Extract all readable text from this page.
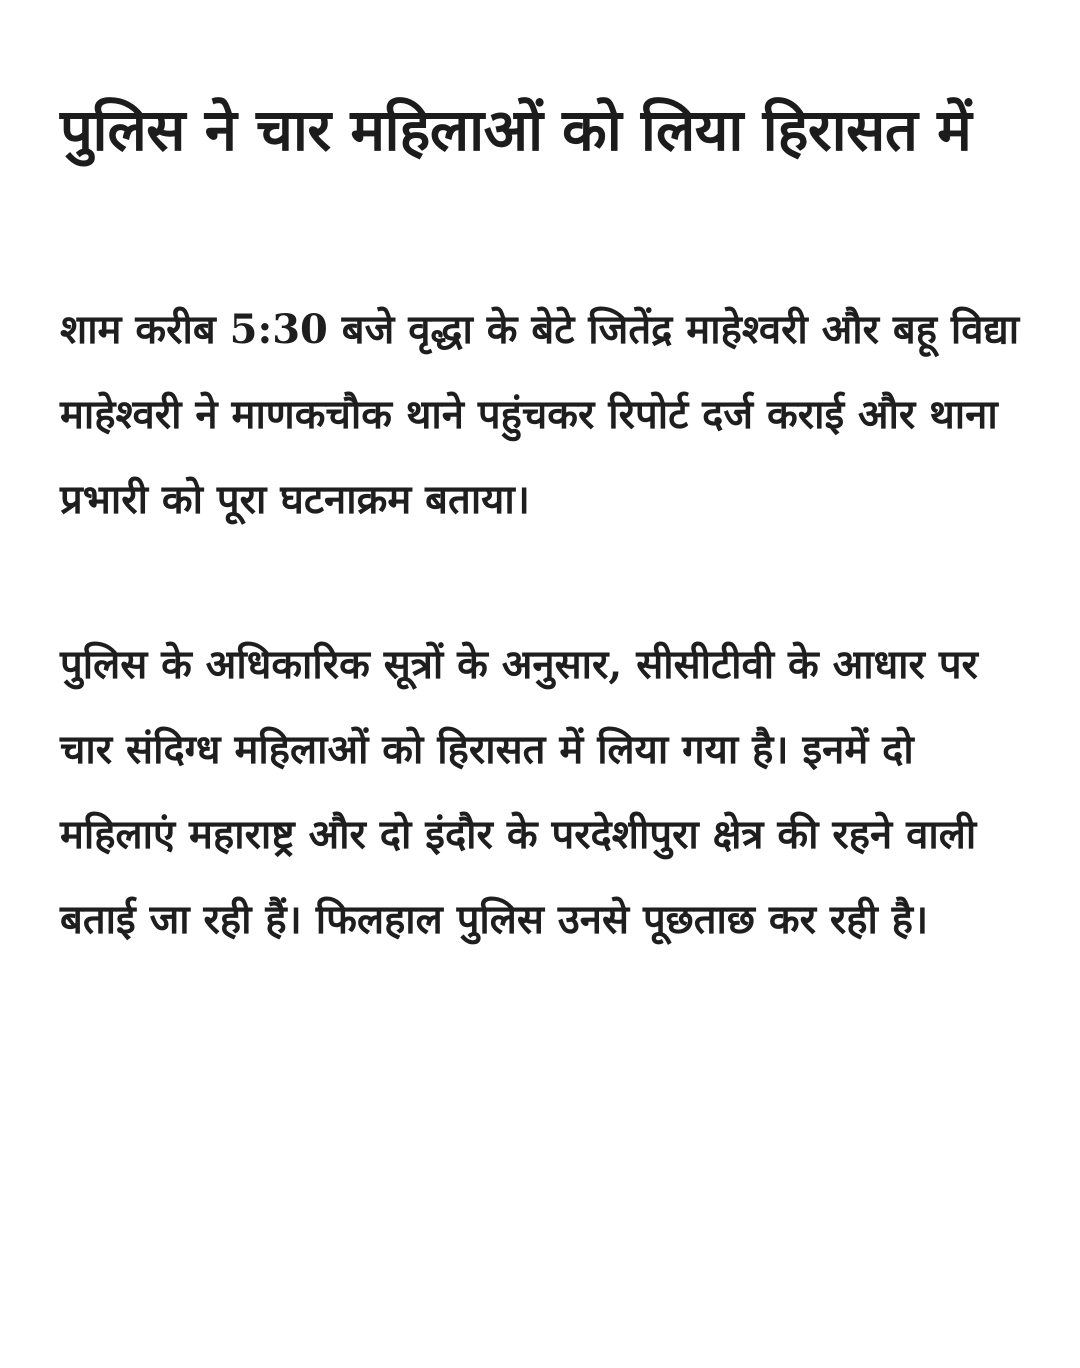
पुलिस ने चार महिलाओं को लिया हिरासत में

शाम करीब 5:30 बजे वृद्धा के बेटे जितेंद्र माहेश्वरी और बहू विद्या माहेश्वरी ने माणकचौक थाने पहुंचकर रिपोर्ट दर्ज कराई और थाना प्रभारी को पूरा घटनाक्रम बताया।

पुलिस के अधिकारिक सूत्रों के अनुसार, सीसीटीवी के आधार पर चार संदिग्ध महिलाओं को हिरासत में लिया गया है। इनमें दो महिलाएं महाराष्ट्र और दो इंदौर के परदेशीपुरा क्षेत्र की रहने वाली बताई जा रही हैं। फिलहाल पुलिस उनसे पूछताछ कर रही है।
